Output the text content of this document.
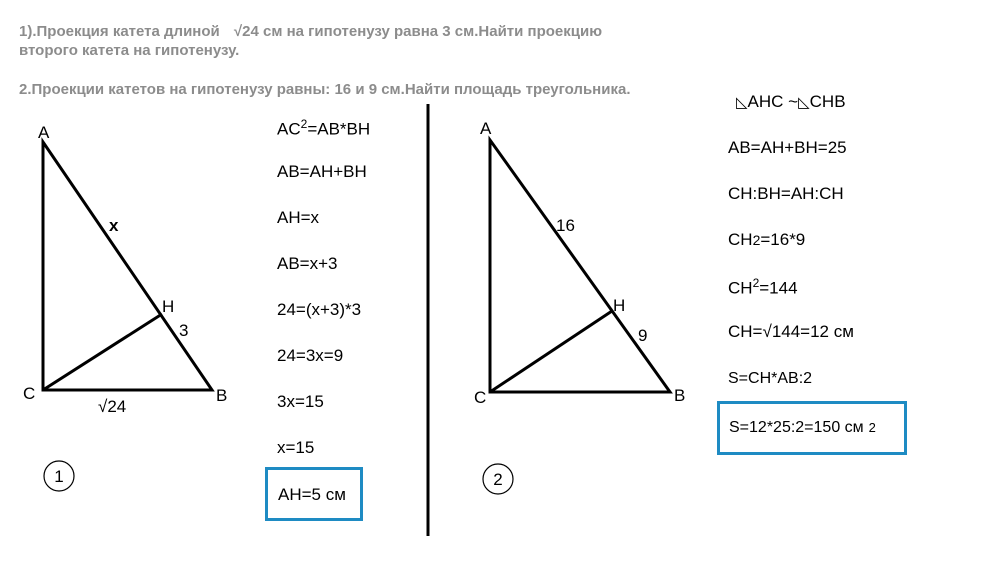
1).Проекция катета длиной √24 см на гипотенузу равна 3 см.Найти проекцию
второго катета на гипотенузу.
2.Проекции катетов на гипотенузу равны: 16 и 9 см.Найти площадь треугольника.
A
H
C	B
x
3
√24
1
A
H
C	B
16
9
2
$AC^2=AB*BH$
AB=AH+BH
AH=x
AB=x+3
24=(x+3)*3
24=3x=9
3x=15
x=15
AH=5 см
◺AHC ~◺CHB
AB=AH+BH=25
CH:BH=AH:CH
CH2=16*9
$CH^2=144$
CH=√144=12 см
S=CH*AB:2
S=12*25:2=150 см 2
